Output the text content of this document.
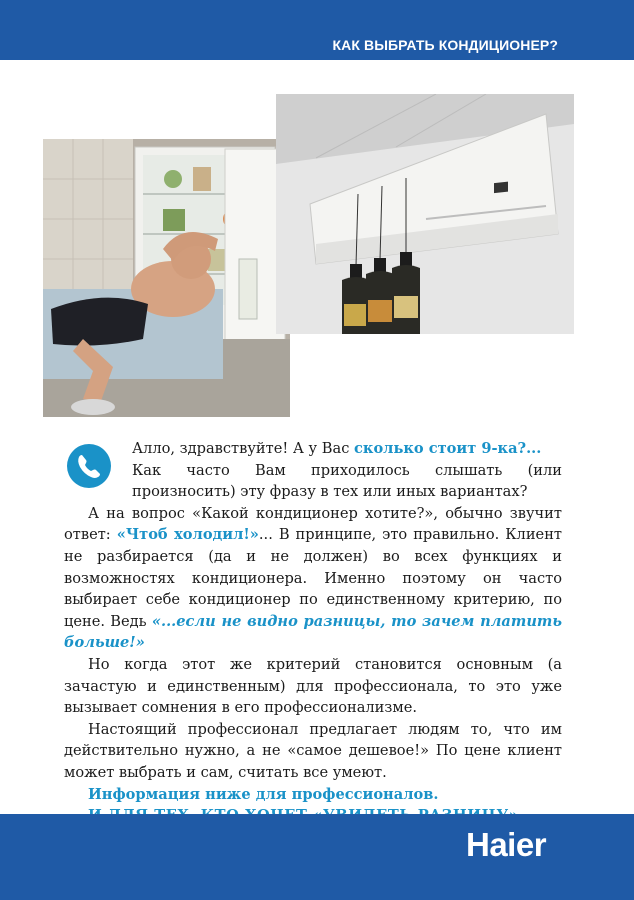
КАК ВЫБРАТЬ КОНДИЦИОНЕР?

Алло, здравствуйте! А у Вас сколько стоит 9-ка?...

Как часто Вам приходилось слышать (или произносить) эту фразу в тех или иных вариантах?

А на вопрос «Какой кондиционер хотите?», обычно звучит ответ: «Чтоб холодил!»... В принципе, это правильно. Клиент не разбирается (да и не должен) во всех функциях и возможностях кондиционера. Именно поэтому он часто выбирает себе кондиционер по единственному критерию, по цене. Ведь «...если не видно разницы, то зачем платить больше!»

Но когда этот же критерий становится основным (а зачастую и единственным) для профессионала, то это уже вызывает сомнения в его профессионализме.

Настоящий профессионал предлагает людям то, что им действительно нужно, а не «самое дешевое!» По цене клиент может выбрать и сам, считать все умеют.

Информация ниже для профессионалов.

Haier
